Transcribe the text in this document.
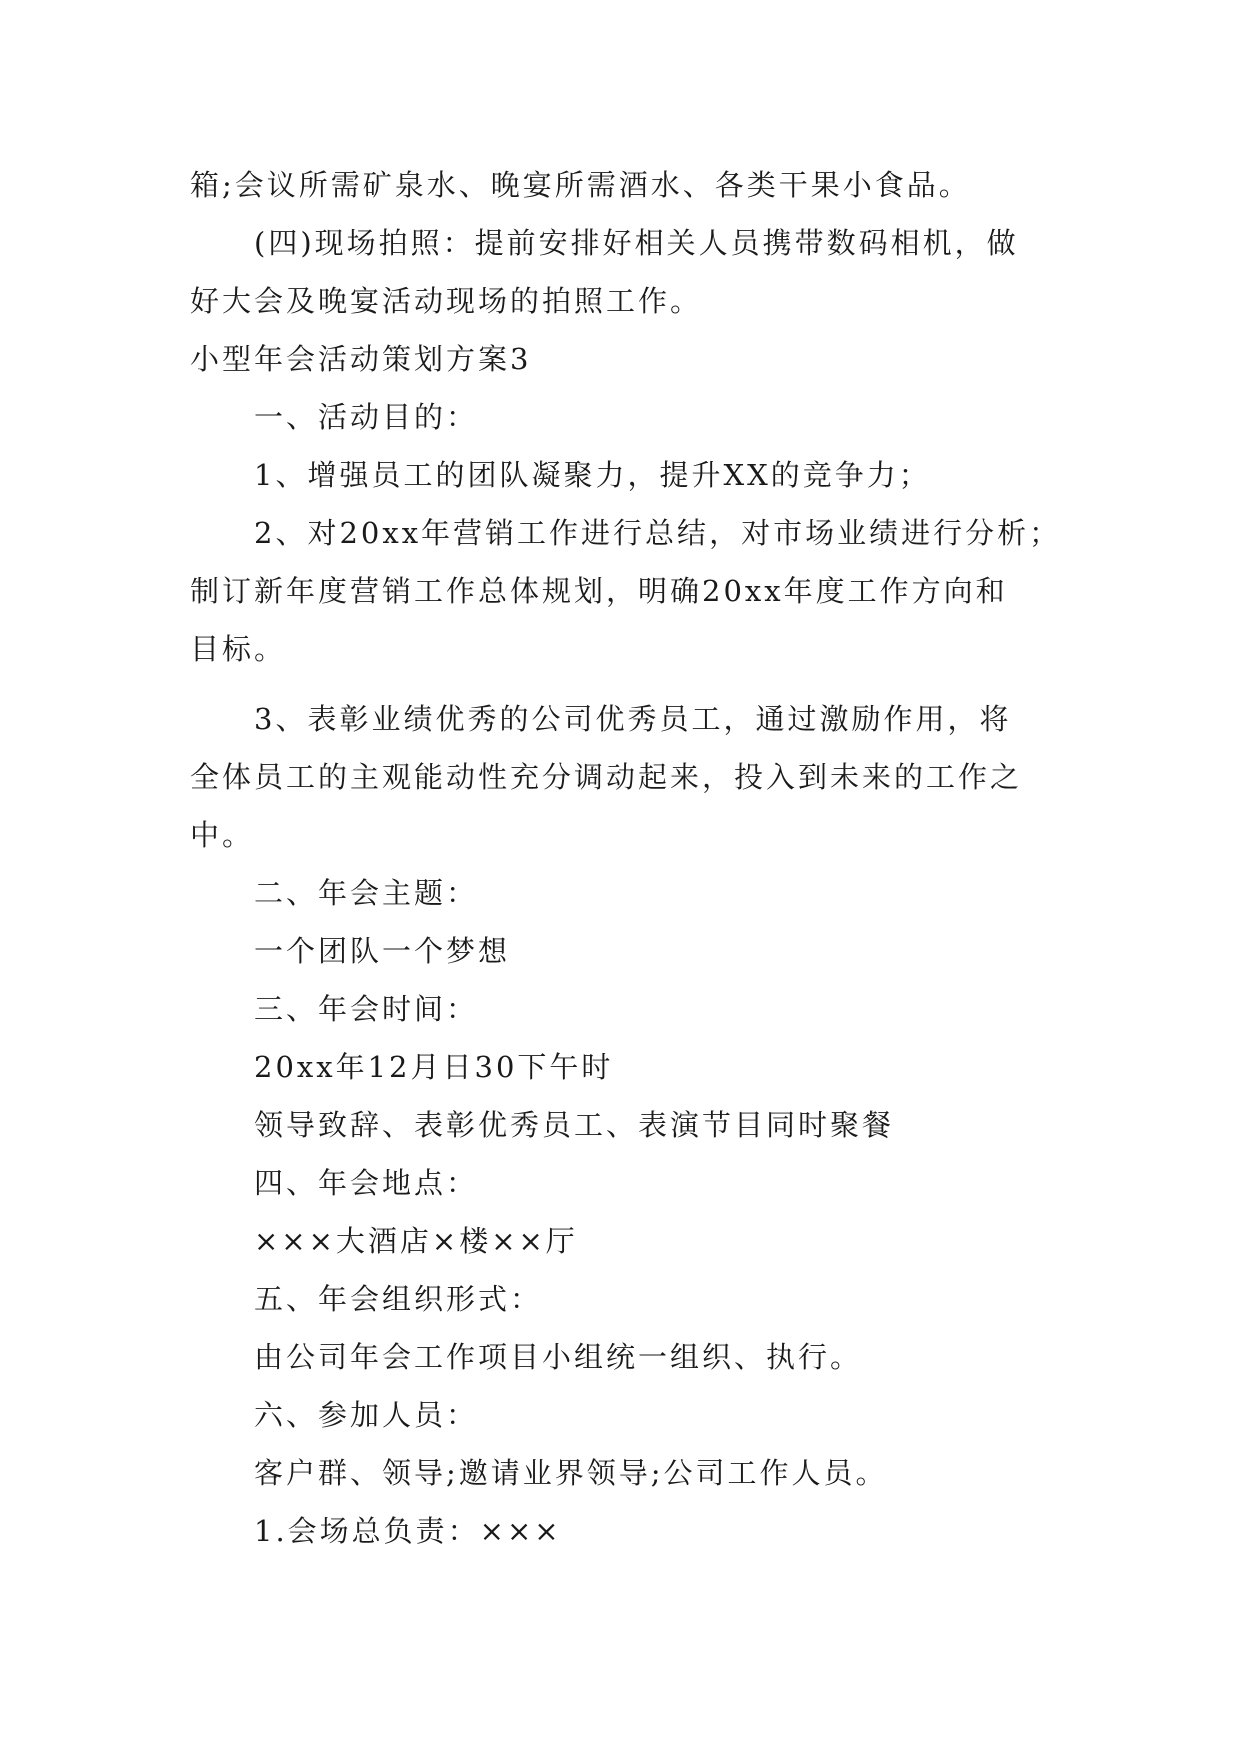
箱;会议所需矿泉水、晚宴所需酒水、各类干果小食品。
(四)现场拍照：提前安排好相关人员携带数码相机，做
好大会及晚宴活动现场的拍照工作。
小型年会活动策划方案3
一、活动目的：
1、增强员工的团队凝聚力，提升XX的竞争力；
2、对20xx年营销工作进行总结，对市场业绩进行分析；
制订新年度营销工作总体规划，明确20xx年度工作方向和
目标。
3、表彰业绩优秀的公司优秀员工，通过激励作用，将
全体员工的主观能动性充分调动起来，投入到未来的工作之
中。
二、年会主题：
一个团队一个梦想
三、年会时间：
20xx年12月日30下午时
领导致辞、表彰优秀员工、表演节目同时聚餐
四、年会地点：
×××大酒店×楼××厅
五、年会组织形式：
由公司年会工作项目小组统一组织、执行。
六、参加人员：
客户群、领导;邀请业界领导;公司工作人员。
1.会场总负责：×××
